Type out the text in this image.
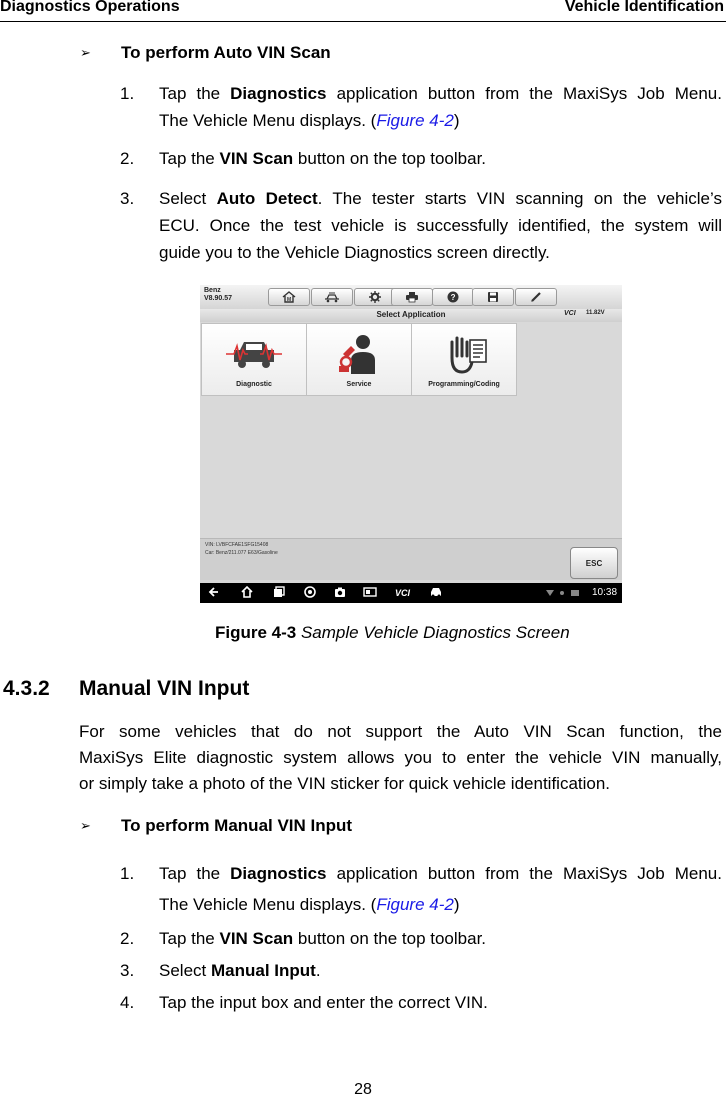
Diagnostics Operations	Vehicle Identification
➢ To perform Auto VIN Scan
1. Tap the Diagnostics application button from the MaxiSys Job Menu.
The Vehicle Menu displays. (Figure 4-2)
2. Tap the VIN Scan button on the top toolbar.
3. Select Auto Detect. The tester starts VIN scanning on the vehicle’s
ECU. Once the test vehicle is successfully identified, the system will
guide you to the Vehicle Diagnostics screen directly.
Benz
V8.90.57	M	?
Select Application	VCI 11.82V
Diagnostic	Service	Programming/Coding
VIN: LVBFCFAE1SFG15408
Car: Benz/211.077 E63/Gasoline
ESC
VCI	10:38
Figure 4-3 Sample Vehicle Diagnostics Screen
4.3.2 Manual VIN Input
For some vehicles that do not support the Auto VIN Scan function, the
MaxiSys Elite diagnostic system allows you to enter the vehicle VIN manually,
or simply take a photo of the VIN sticker for quick vehicle identification.
➢ To perform Manual VIN Input
1. Tap the Diagnostics application button from the MaxiSys Job Menu.
The Vehicle Menu displays. (Figure 4-2)
2. Tap the VIN Scan button on the top toolbar.
3. Select Manual Input.
4. Tap the input box and enter the correct VIN.
28
